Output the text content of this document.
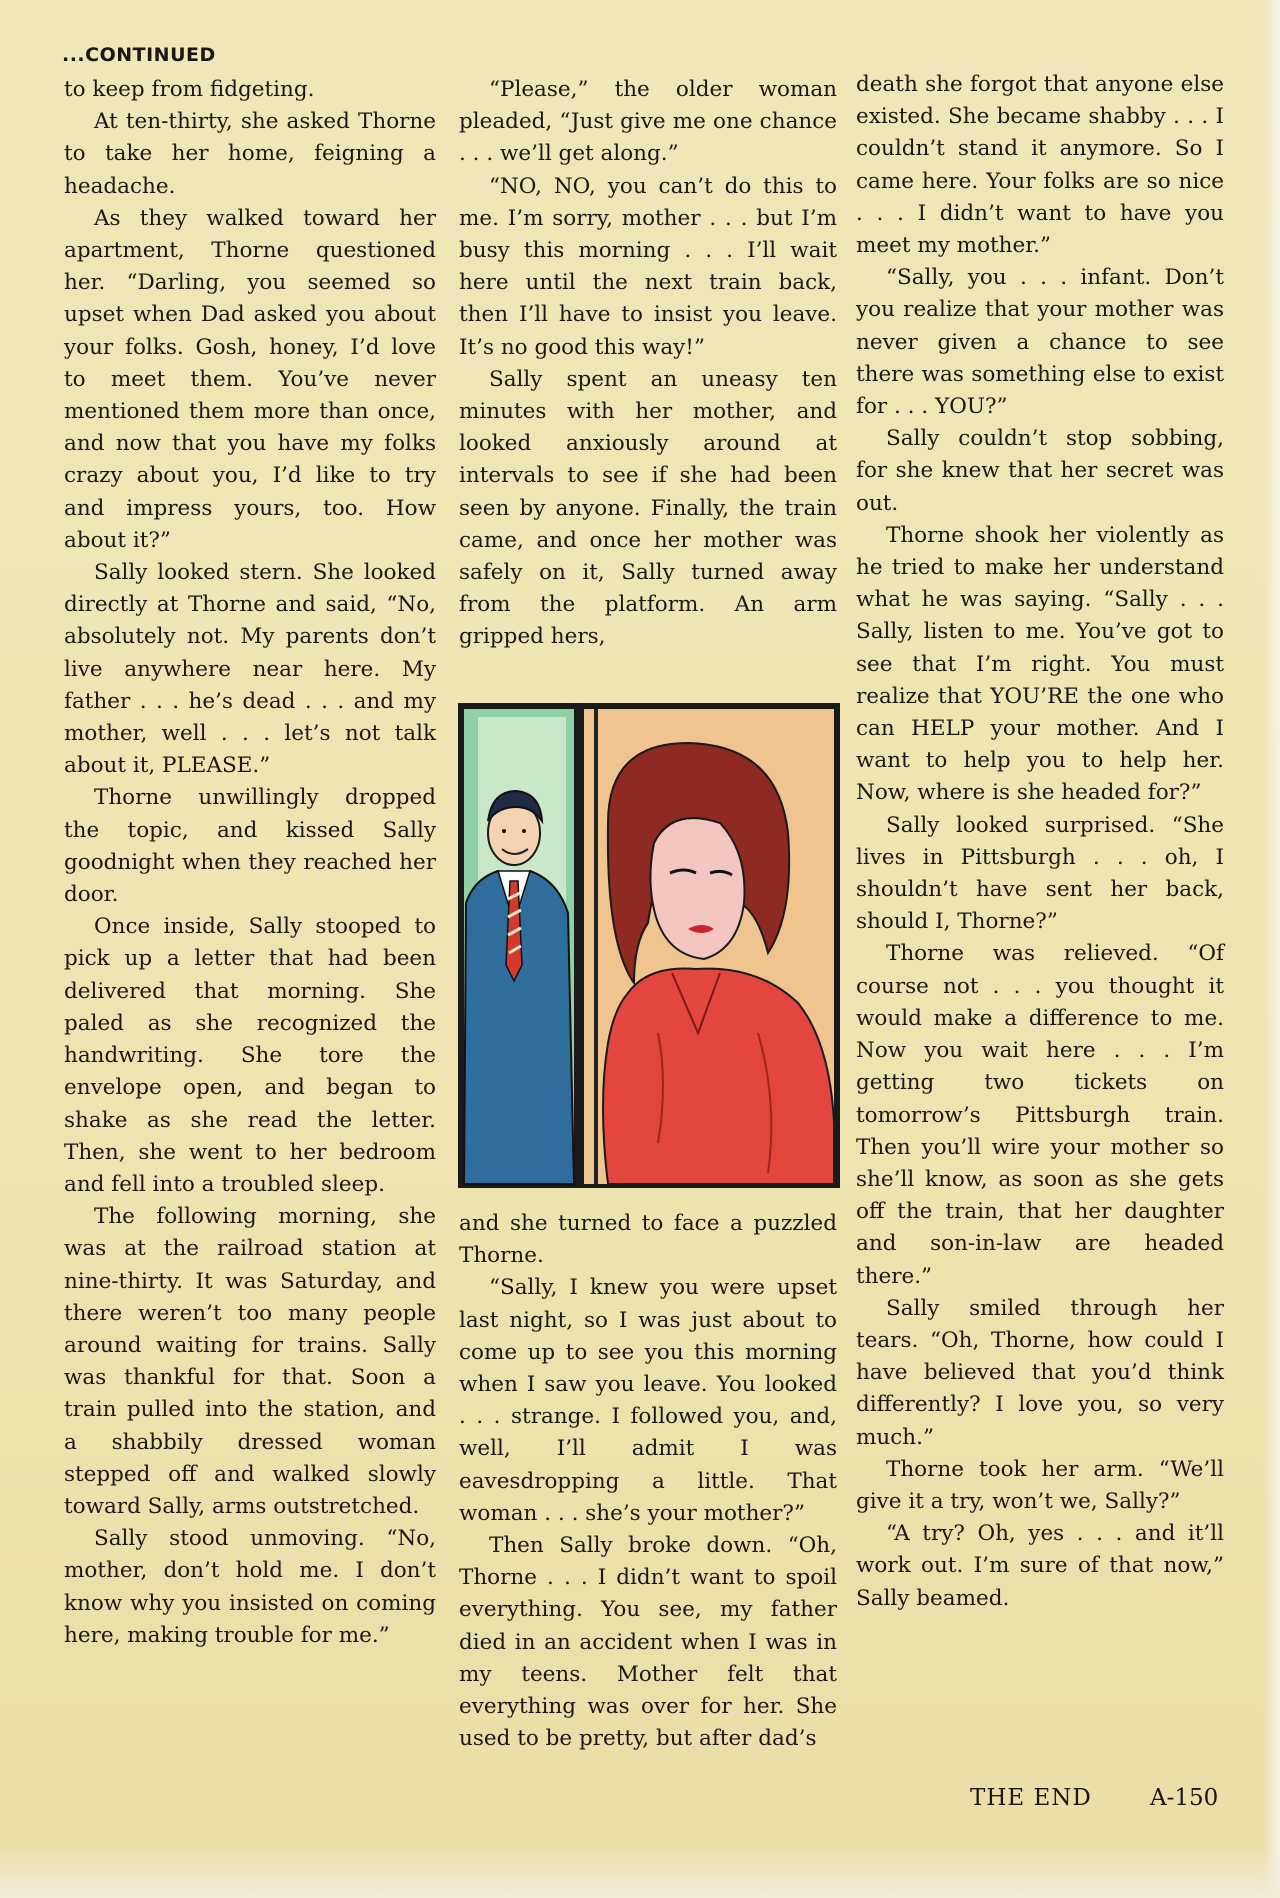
...CONTINUED

to keep from fidgeting.

At ten-thirty, she asked Thorne to take her home, feigning a headache.

As they walked toward her apartment, Thorne questioned her. “Darling, you seemed so upset when Dad asked you about your folks. Gosh, honey, I’d love to meet them. You’ve never mentioned them more than once, and now that you have my folks crazy about you, I’d like to try and impress yours, too. How about it?”

Sally looked stern. She looked directly at Thorne and said, “No, absolutely not. My parents don’t live anywhere near here. My father . . . he’s dead . . . and my mother, well . . . let’s not talk about it, PLEASE.”

Thorne unwillingly dropped the topic, and kissed Sally goodnight when they reached her door.

Once inside, Sally stooped to pick up a letter that had been delivered that morning. She paled as she recognized the handwriting. She tore the envelope open, and began to shake as she read the letter. Then, she went to her bedroom and fell into a troubled sleep.

The following morning, she was at the railroad station at nine-thirty. It was Saturday, and there weren’t too many people around waiting for trains. Sally was thankful for that. Soon a train pulled into the station, and a shabbily dressed woman stepped off and walked slowly toward Sally, arms outstretched.

Sally stood unmoving. “No, mother, don’t hold me. I don’t know why you insisted on coming here, making trouble for me.”

“Please,” the older woman pleaded, “Just give me one chance . . . we’ll get along.”

“NO, NO, you can’t do this to me. I’m sorry, mother . . . but I’m busy this morning . . . I’ll wait here until the next train back, then I’ll have to insist you leave. It’s no good this way!”

Sally spent an uneasy ten minutes with her mother, and looked anxiously around at intervals to see if she had been seen by anyone. Finally, the train came, and once her mother was safely on it, Sally turned away from the platform. An arm gripped hers,

and she turned to face a puzzled Thorne.

“Sally, I knew you were upset last night, so I was just about to come up to see you this morning when I saw you leave. You looked . . . strange. I followed you, and, well, I’ll admit I was eavesdropping a little. That woman . . . she’s your mother?”

Then Sally broke down. “Oh, Thorne . . . I didn’t want to spoil everything. You see, my father died in an accident when I was in my teens. Mother felt that everything was over for her. She used to be pretty, but after dad’s

death she forgot that anyone else existed. She became shabby . . . I couldn’t stand it anymore. So I came here. Your folks are so nice . . . I didn’t want to have you meet my mother.”

“Sally, you . . . infant. Don’t you realize that your mother was never given a chance to see there was something else to exist for . . . YOU?”

Sally couldn’t stop sobbing, for she knew that her secret was out.

Thorne shook her violently as he tried to make her understand what he was saying. “Sally . . . Sally, listen to me. You’ve got to see that I’m right. You must realize that YOU’RE the one who can HELP your mother. And I want to help you to help her. Now, where is she headed for?”

Sally looked surprised. “She lives in Pittsburgh . . . oh, I shouldn’t have sent her back, should I, Thorne?”

Thorne was relieved. “Of course not . . . you thought it would make a difference to me. Now you wait here . . . I’m getting two tickets on tomorrow’s Pittsburgh train. Then you’ll wire your mother so she’ll know, as soon as she gets off the train, that her daughter and son-in-law are headed there.”

Sally smiled through her tears. “Oh, Thorne, how could I have believed that you’d think differently? I love you, so very much.”

Thorne took her arm. “We’ll give it a try, won’t we, Sally?”

“A try? Oh, yes . . . and it’ll work out. I’m sure of that now,” Sally beamed.

THE END	A-150
